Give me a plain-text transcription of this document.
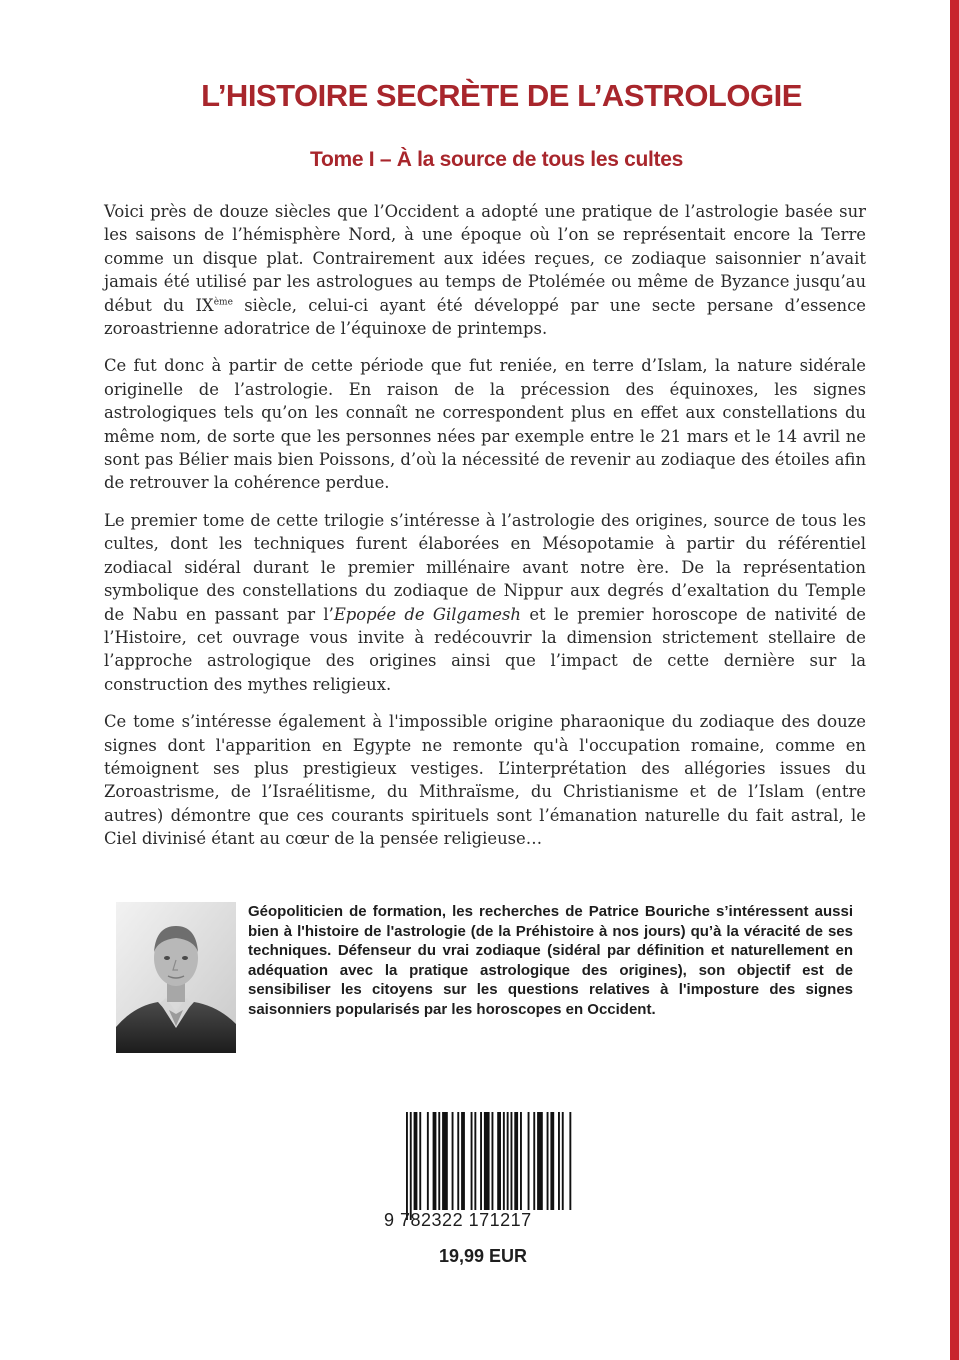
L’HISTOIRE SECRÈTE DE L’ASTROLOGIE
Tome I – À la source de tous les cultes

Voici près de douze siècles que l’Occident a adopté une pratique de l’astrologie basée sur les saisons de l’hémisphère Nord, à une époque où l’on se représentait encore la Terre comme un disque plat. Contrairement aux idées reçues, ce zodiaque saisonnier n’avait jamais été utilisé par les astrologues au temps de Ptolémée ou même de Byzance jusqu’au début du IXème siècle, celui-ci ayant été développé par une secte persane d’essence zoroastrienne adoratrice de l’équinoxe de printemps.

Ce fut donc à partir de cette période que fut reniée, en terre d’Islam, la nature sidérale originelle de l’astrologie. En raison de la précession des équinoxes, les signes astrologiques tels qu’on les connaît ne correspondent plus en effet aux constellations du même nom, de sorte que les personnes nées par exemple entre le 21 mars et le 14 avril ne sont pas Bélier mais bien Poissons, d’où la nécessité de revenir au zodiaque des étoiles afin de retrouver la cohérence perdue.

Le premier tome de cette trilogie s’intéresse à l’astrologie des origines, source de tous les cultes, dont les techniques furent élaborées en Mésopotamie à partir du référentiel zodiacal sidéral durant le premier millénaire avant notre ère. De la représentation symbolique des constellations du zodiaque de Nippur aux degrés d’exaltation du Temple de Nabu en passant par l’Epopée de Gilgamesh et le premier horoscope de nativité de l’Histoire, cet ouvrage vous invite à redécouvrir la dimension strictement stellaire de l’approche astrologique des origines ainsi que l’impact de cette dernière sur la construction des mythes religieux.

Ce tome s’intéresse également à l'impossible origine pharaonique du zodiaque des douze signes dont l'apparition en Egypte ne remonte qu'à l'occupation romaine, comme en témoignent ses plus prestigieux vestiges. L’interprétation des allégories issues du Zoroastrisme, de l’Israélitisme, du Mithraïsme, du Christianisme et de l’Islam (entre autres) démontre que ces courants spirituels sont l’émanation naturelle du fait astral, le Ciel divinisé étant au cœur de la pensée religieuse…

Géopoliticien de formation, les recherches de Patrice Bouriche s’intéressent aussi bien à l'histoire de l'astrologie (de la Préhistoire à nos jours) qu’à la véracité de ses techniques. Défenseur du vrai zodiaque (sidéral par définition et naturellement en adéquation avec la pratique astrologique des origines), son objectif est de sensibiliser les citoyens sur les questions relatives à l'imposture des signes saisonniers popularisés par les horoscopes en Occident.
9 782322 171217
19,99 EUR
